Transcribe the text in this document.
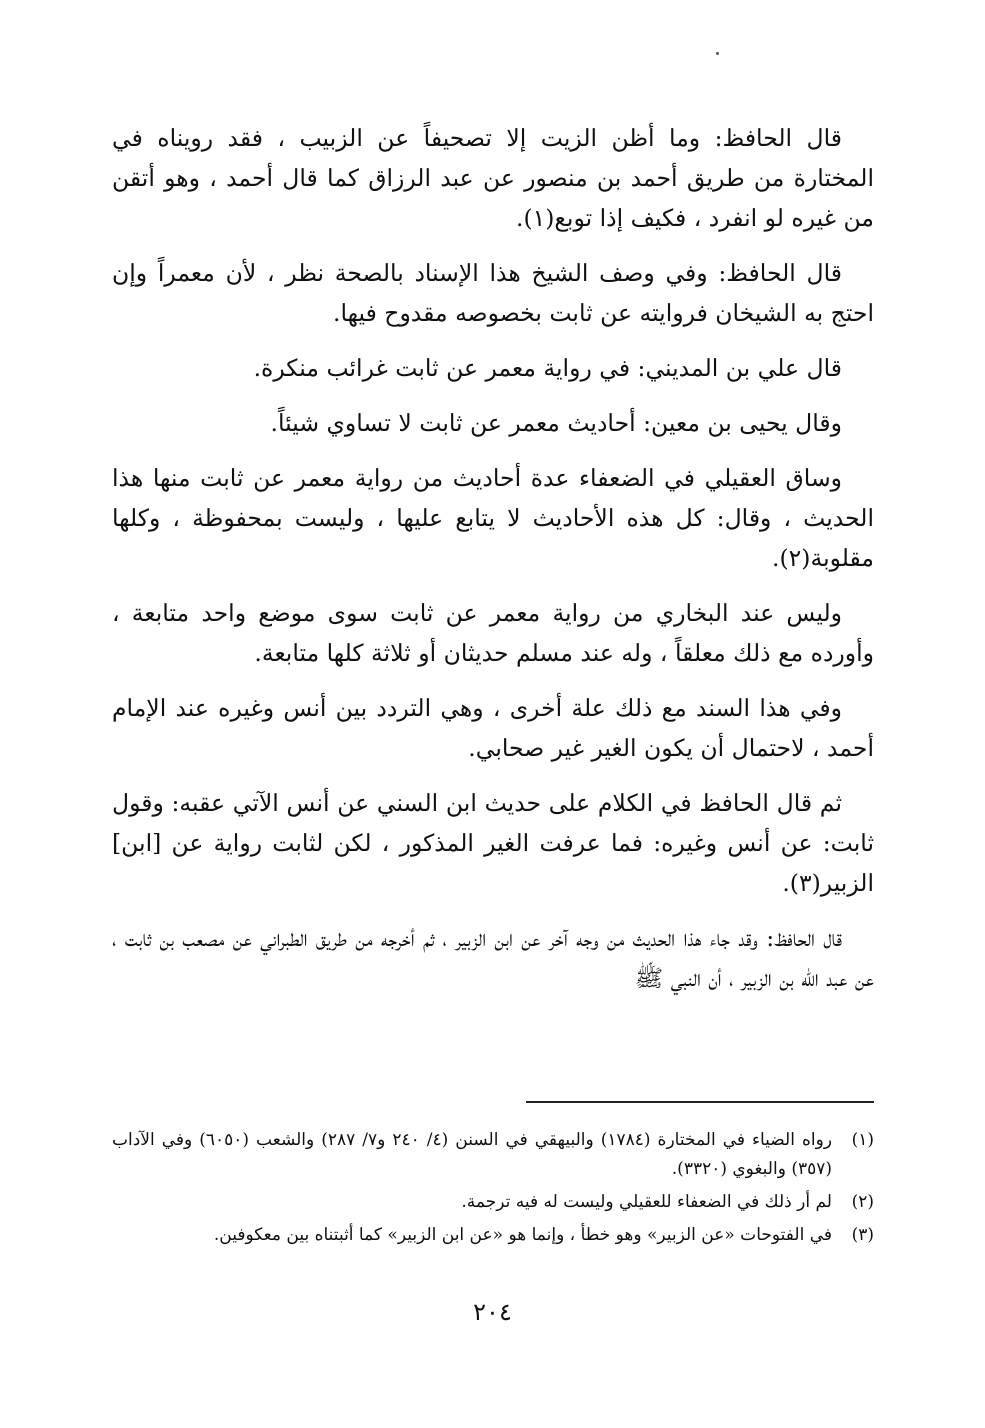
قال الحافظ: وما أظن الزيت إلا تصحيفاً عن الزبيب ، فقد رويناه في المختارة من طريق أحمد بن منصور عن عبد الرزاق كما قال أحمد ، وهو أتقن من غيره لو انفرد ، فكيف إذا توبع(١).

قال الحافظ: وفي وصف الشيخ هذا الإسناد بالصحة نظر ، لأن معمراً وإن احتج به الشيخان فروايته عن ثابت بخصوصه مقدوح فيها.

قال علي بن المديني: في رواية معمر عن ثابت غرائب منكرة.

وقال يحيى بن معين: أحاديث معمر عن ثابت لا تساوي شيئاً.

وساق العقيلي في الضعفاء عدة أحاديث من رواية معمر عن ثابت منها هذا الحديث ، وقال: كل هذه الأحاديث لا يتابع عليها ، وليست بمحفوظة ، وكلها مقلوبة(٢).

وليس عند البخاري من رواية معمر عن ثابت سوى موضع واحد متابعة ، وأورده مع ذلك معلقاً ، وله عند مسلم حديثان أو ثلاثة كلها متابعة.

وفي هذا السند مع ذلك علة أخرى ، وهي التردد بين أنس وغيره عند الإمام أحمد ، لاحتمال أن يكون الغير غير صحابي.

ثم قال الحافظ في الكلام على حديث ابن السني عن أنس الآتي عقبه: وقول ثابت: عن أنس وغيره: فما عرفت الغير المذكور ، لكن لثابت رواية عن [ابن] الزبير(٣).

قال الحافظ: وقد جاء هذا الحديث من وجه آخر عن ابن الزبير ، ثم أخرجه من طريق الطبراني عن مصعب بن ثابت ، عن عبد الله بن الزبير ، أن النبي ﷺ

(١)
رواه الضياء في المختارة (١٧٨٤) والبيهقي في السنن (٤/ ٢٤٠ و٧/ ٢٨٧) والشعب (٦٠٥٠) وفي الآداب (٣٥٧) والبغوي (٣٣٢٠).
(٢)
لم أر ذلك في الضعفاء للعقيلي وليست له فيه ترجمة.
(٣)
في الفتوحات «عن الزبير» وهو خطأ ، وإنما هو «عن ابن الزبير» كما أثبتناه بين معكوفين.
٢٠٤
